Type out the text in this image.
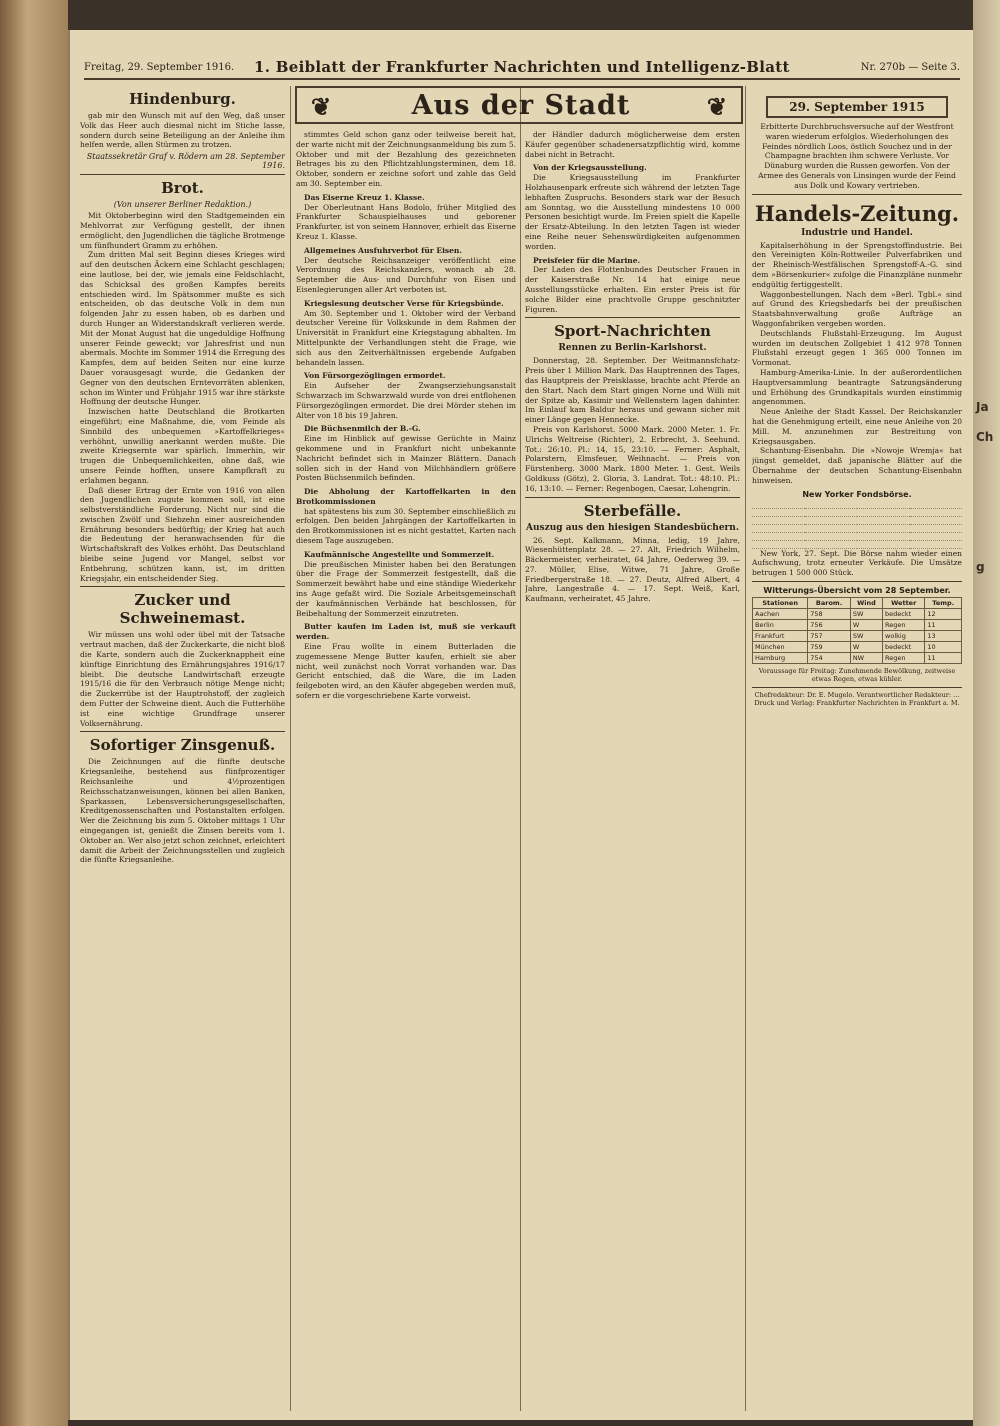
Ja
Ch
g
Freitag, 29. September 1916. 1. Beiblatt der Frankfurter Nachrichten und Intelligenz-Blatt	Nr. 270b — Seite 3.
❦	Aus der Stadt	❦
Hindenburg.

gab mir den Wunsch mit auf den Weg, daß unser Volk das Heer auch diesmal nicht im Stiche lasse, sondern durch seine Beteiligung an der Anleihe ihm helfen werde, allen Stürmen zu trotzen.

Staatssekretär Graf v. Rödern am 28. September 1916.

Brot.

(Von unserer Berliner Redaktion.)

Mit Oktoberbeginn wird den Stadtgemeinden ein Mehlvorrat zur Verfügung gestellt, der ihnen ermöglicht, den Jugendlichen die tägliche Brotmenge um fünfhundert Gramm zu erhöhen.

Zum dritten Mal seit Beginn dieses Krieges wird auf den deutschen Äckern eine Schlacht geschlagen; eine lautlose, bei der, wie jemals eine Feldschlacht, das Schicksal des großen Kampfes bereits entschieden wird. Im Spätsommer mußte es sich entscheiden, ob das deutsche Volk in dem nun folgenden Jahr zu essen haben, ob es darben und durch Hunger an Widerstandskraft verlieren werde. Mit der Monat August hat die ungeduldige Hoffnung unserer Feinde geweckt; vor Jahresfrist und nun abermals. Mochte im Sommer 1914 die Erregung des Kampfes, dem auf beiden Seiten nur eine kurze Dauer vorausgesagt wurde, die Gedanken der Gegner von den deutschen Erntevorräten ablenken, schon im Winter und Frühjahr 1915 war ihre stärkste Hoffnung der deutsche Hunger.

Inzwischen hatte Deutschland die Brotkarten eingeführt; eine Maßnahme, die, vom Feinde als Sinnbild des unbequemen »Kartoffelkrieges« verhöhnt, unwillig anerkannt werden mußte. Die zweite Kriegsernte war spärlich. Immerhin, wir trugen die Unbequemlichkeiten, ohne daß, wie unsere Feinde hofften, unsere Kampfkraft zu erlahmen begann.

Daß dieser Ertrag der Ernte von 1916 von allen den Jugendlichen zugute kommen soll, ist eine selbstverständliche Forderung. Nicht nur sind die zwischen Zwölf und Siebzehn einer ausreichenden Ernährung besonders bedürftig; der Krieg hat auch die Bedeutung der heranwachsenden für die Wirtschaftskraft des Volkes erhöht. Das Deutschland bleibe seine Jugend vor Mangel, selbst vor Entbehrung, schützen kann, ist, im dritten Kriegsjahr, ein entscheidender Sieg.

Zucker und Schweinemast.

Wir müssen uns wohl oder übel mit der Tatsache vertraut machen, daß der Zuckerkarte, die nicht bloß die Karte, sondern auch die Zuckerknappheit eine künftige Einrichtung des Ernährungsjahres 1916/17 bleibt. Die deutsche Landwirtschaft erzeugte 1915/16 die für den Verbrauch nötige Menge nicht; die Zuckerrübe ist der Hauptrohstoff, der zugleich dem Futter der Schweine dient. Auch die Futterhöhe ist eine wichtige Grundfrage unserer Volksernährung.

Sofortiger Zinsgenuß.

Die Zeichnungen auf die fünfte deutsche Kriegsanleihe, bestehend aus fünfprozentiger Reichsanleihe und 4½prozentigen Reichsschatzanweisungen, können bei allen Banken, Sparkassen, Lebensversicherungsgesellschaften, Kreditgenossenschaften und Postanstalten erfolgen. Wer die Zeichnung bis zum 5. Oktober mittags 1 Uhr eingegangen ist, genießt die Zinsen bereits vom 1. Oktober an. Wer also jetzt schon zeichnet, erleichtert damit die Arbeit der Zeichnungsstellen und zugleich die fünfte Kriegsanleihe.

stimmtes Geld schon ganz oder teilweise bereit hat, der warte nicht mit der Zeichnungsanmeldung bis zum 5. Oktober und mit der Bezahlung des gezeichneten Betrages bis zu den Pflichtzahlungsterminen, dem 18. Oktober, sondern er zeichne sofort und zahle das Geld am 30. September ein.

Das Eiserne Kreuz 1. Klasse.

Der Oberleutnant Hans Bodolo, früher Mitglied des Frankfurter Schauspielhauses und geborener Frankfurter, ist von seinem Hannover, erhielt das Eiserne Kreuz 1. Klasse.

Allgemeines Ausfuhrverbot für Eisen.

Der deutsche Reichsanzeiger veröffentlicht eine Verordnung des Reichskanzlers, wonach ab 28. September die Aus- und Durchfuhr von Eisen und Eisenlegierungen aller Art verboten ist.

Kriegslesung deutscher Verse für Kriegsbünde.

Am 30. September und 1. Oktober wird der Verband deutscher Vereine für Volkskunde in dem Rahmen der Universität in Frankfurt eine Kriegstagung abhalten. Im Mittelpunkte der Verhandlungen steht die Frage, wie sich aus den Zeitverhältnissen ergebende Aufgaben behandeln lassen.

Von Fürsorgezöglingen ermordet.

Ein Aufseher der Zwangserziehungsanstalt Schwarzach im Schwarzwald wurde von drei entflohenen Fürsorgezöglingen ermordet. Die drei Mörder stehen im Alter von 18 bis 19 Jahren.

Die Büchsenmilch der B.-G.

Eine im Hinblick auf gewisse Gerüchte in Mainz gekommene und in Frankfurt nicht unbekannte Nachricht befindet sich in Mainzer Blättern. Danach sollen sich in der Hand von Milchhändlern größere Posten Büchsenmilch befinden.

Die Abholung der Kartoffelkarten in den Brotkommissionen

hat spätestens bis zum 30. September einschließlich zu erfolgen. Den beiden Jahrgängen der Kartoffelkarten in den Brotkommissionen ist es nicht gestattet, Karten nach diesem Tage auszugeben.

Kaufmännische Angestellte und Sommerzeit.

Die preußischen Minister haben bei den Beratungen über die Frage der Sommerzeit festgestellt, daß die Sommerzeit bewährt habe und eine ständige Wiederkehr ins Auge gefaßt wird. Die Soziale Arbeitsgemeinschaft der kaufmännischen Verbände hat beschlossen, für Beibehaltung der Sommerzeit einzutreten.

Butter kaufen im Laden ist, muß sie verkauft werden.

Eine Frau wollte in einem Butterladen die zugemessene Menge Butter kaufen, erhielt sie aber nicht, weil zunächst noch Vorrat vorhanden war. Das Gericht entschied, daß die Ware, die im Laden feilgeboten wird, an den Käufer abgegeben werden muß, sofern er die vorgeschriebene Karte vorweist.

der Händler dadurch möglicherweise dem ersten Käufer gegenüber schadenersatzpflichtig wird, komme dabei nicht in Betracht.

Von der Kriegsausstellung.

Die Kriegsausstellung im Frankfurter Holzhausenpark erfreute sich während der letzten Tage lebhaften Zuspruchs. Besonders stark war der Besuch am Sonntag, wo die Ausstellung mindestens 10 000 Personen besichtigt wurde. Im Freien spielt die Kapelle der Ersatz-Abteilung. In den letzten Tagen ist wieder eine Reihe neuer Sehenswürdigkeiten aufgenommen worden.

Preisfeier für die Marine.

Der Laden des Flottenbundes Deutscher Frauen in der Kaiserstraße Nr. 14 hat einige neue Ausstellungsstücke erhalten. Ein erster Preis ist für solche Bilder eine prachtvolle Gruppe geschnitzter Figuren.

Sport-Nachrichten

Rennen zu Berlin-Karlshorst.

Donnerstag, 28. September. Der Weitmannsfchatz-Preis über 1 Million Mark. Das Hauptrennen des Tages, das Hauptpreis der Preisklasse, brachte acht Pferde an den Start. Nach dem Start gingen Norne und Willi mit der Spitze ab, Kasimir und Wellenstern lagen dahinter. Im Einlauf kam Baldur heraus und gewann sicher mit einer Länge gegen Hennecke.

Preis von Karlshorst. 5000 Mark. 2000 Meter. 1. Fr. Ulrichs Weltreise (Richter), 2. Erbrecht, 3. Seehund. Tot.: 26:10. Pl.: 14, 15, 23:10. — Ferner: Asphalt, Polarstern, Elmsfeuer, Weihnacht. — Preis von Fürstenberg. 3000 Mark. 1800 Meter. 1. Gest. Weils Goldkuss (Götz), 2. Gloria, 3. Landrat. Tot.: 48:10. Pl.: 16, 13:10. — Ferner: Regenbogen, Caesar, Lohengrin.

Sterbefälle.

Auszug aus den hiesigen Standesbüchern.

26. Sept. Kalkmann, Minna, ledig, 19 Jahre, Wiesenhüttenplatz 28. — 27. Alt, Friedrich Wilhelm, Bäckermeister, verheiratet, 64 Jahre, Oederweg 39. — 27. Müller, Elise, Witwe, 71 Jahre, Große Friedbergerstraße 18. — 27. Deutz, Alfred Albert, 4 Jahre, Langestraße 4. — 17. Sept. Weiß, Karl, Kaufmann, verheiratet, 45 Jahre.

29. September 1915

Erbitterte Durchbruchsversuche auf der Westfront waren wiederum erfolglos. Wiederholungen des Feindes nördlich Loos, östlich Souchez und in der Champagne brachten ihm schwere Verluste. Vor Dünaburg wurden die Russen geworfen. Von der Armee des Generals von Linsingen wurde der Feind aus Dolk und Kowary vertrieben.

Handels-Zeitung.

Industrie und Handel.

Kapitalserhöhung in der Sprengstoffindustrie. Bei den Vereinigten Köln-Rottweiler Pulverfabriken und der Rheinisch-Westfälischen Sprengstoff-A.-G. sind dem »Börsenkurier« zufolge die Finanzpläne nunmehr endgültig fertiggestellt.

Waggonbestellungen. Nach dem »Berl. Tgbl.« sind auf Grund des Kriegsbedarfs bei der preußischen Staatsbahnverwaltung große Aufträge an Waggonfabriken vergeben worden.

Deutschlands Flußstahl-Erzeugung. Im August wurden im deutschen Zollgebiet 1 412 978 Tonnen Flußstahl erzeugt gegen 1 365 000 Tonnen im Vormonat.

Hamburg-Amerika-Linie. In der außerordentlichen Hauptversammlung beantragte Satzungsänderung und Erhöhung des Grundkapitals wurden einstimmig angenommen.

Neue Anleihe der Stadt Kassel. Der Reichskanzler hat die Genehmigung erteilt, eine neue Anleihe von 20 Mill. M. anzunehmen zur Bestreitung von Kriegsausgaben.

Schantung-Eisenbahn. Die »Nowoje Wremja« hat jüngst gemeldet, daß japanische Blätter auf die Übernahme der deutschen Schantung-Eisenbahn hinweisen.

New Yorker Fondsbörse.

New York, 27. Sept. Die Börse nahm wieder einen Aufschwung, trotz erneuter Verkäufe. Die Umsätze betrugen 1 500 000 Stück.

Witterungs-Übersicht vom 28 September.

Stationen	Barom.	Wind	Wetter	Temp.
Aachen	758	SW	bedeckt	12
Berlin	756	W	Regen	11
Frankfurt	757	SW	wolkig	13
München	759	W	bedeckt	10
Hamburg	754	NW	Regen	11

Voraussage für Freitag: Zunehmende Bewölkung, zeitweise etwas Regen, etwas kühler.

Chefredakteur: Dr. E. Mugelo. Verantwortlicher Redakteur: ... Druck und Verlag: Frankfurter Nachrichten in Frankfurt a. M.
